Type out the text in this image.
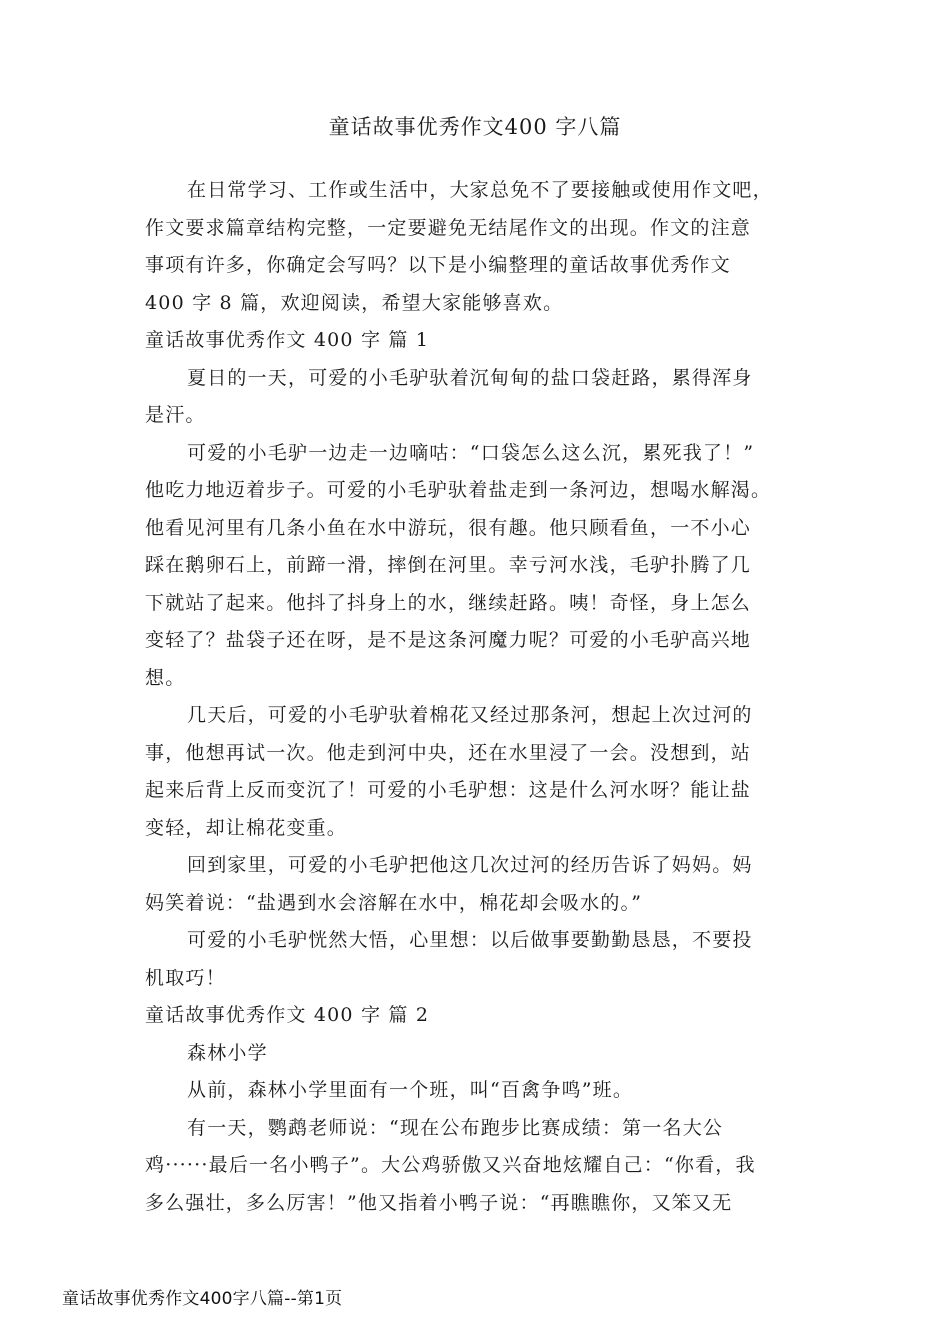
童话故事优秀作文400 字八篇
在日常学习、工作或生活中，大家总免不了要接触或使用作文吧，
作文要求篇章结构完整，一定要避免无结尾作文的出现。作文的注意
事项有许多，你确定会写吗？以下是小编整理的童话故事优秀作文
400 字 8 篇，欢迎阅读，希望大家能够喜欢。
童话故事优秀作文 400 字 篇 1
夏日的一天，可爱的小毛驴驮着沉甸甸的盐口袋赶路，累得浑身
是汗。
可爱的小毛驴一边走一边嘀咕：“口袋怎么这么沉，累死我了！”
他吃力地迈着步子。可爱的小毛驴驮着盐走到一条河边，想喝水解渴。
他看见河里有几条小鱼在水中游玩，很有趣。他只顾看鱼，一不小心
踩在鹅卵石上，前蹄一滑，摔倒在河里。幸亏河水浅，毛驴扑腾了几
下就站了起来。他抖了抖身上的水，继续赶路。咦！奇怪，身上怎么
变轻了？盐袋子还在呀，是不是这条河魔力呢？可爱的小毛驴高兴地
想。
几天后，可爱的小毛驴驮着棉花又经过那条河，想起上次过河的
事，他想再试一次。他走到河中央，还在水里浸了一会。没想到，站
起来后背上反而变沉了！可爱的小毛驴想：这是什么河水呀？能让盐
变轻，却让棉花变重。
回到家里，可爱的小毛驴把他这几次过河的经历告诉了妈妈。妈
妈笑着说：“盐遇到水会溶解在水中，棉花却会吸水的。”
可爱的小毛驴恍然大悟，心里想：以后做事要勤勤恳恳，不要投
机取巧！
童话故事优秀作文 400 字 篇 2
森林小学
从前，森林小学里面有一个班，叫“百禽争鸣”班。
有一天，鹦鹉老师说：“现在公布跑步比赛成绩：第一名大公
鸡······最后一名小鸭子”。大公鸡骄傲又兴奋地炫耀自己：“你看，我
多么强壮，多么厉害！”他又指着小鸭子说：“再瞧瞧你，又笨又无
童话故事优秀作文400字八篇--第1页
